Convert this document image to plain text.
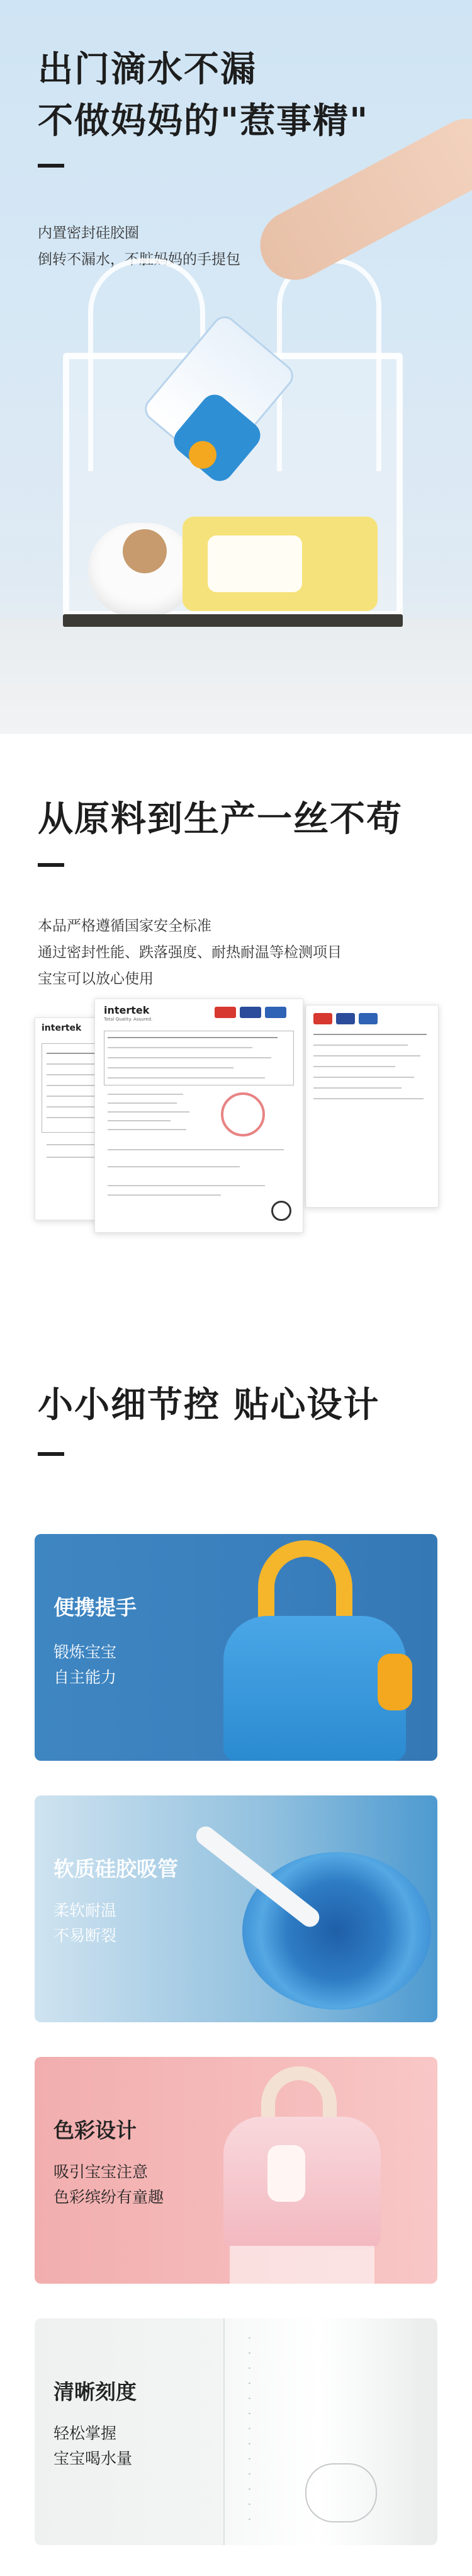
出门滴水不漏
不做妈妈的"惹事精"

内置密封硅胶圈

倒转不漏水，不脏妈妈的手提包

从原料到生产一丝不苟

本品严格遵循国家安全标准

通过密封性能、跌落强度、耐热耐温等检测项目

宝宝可以放心使用

intertek
intertek
Total Quality. Assured.
小小细节控 贴心设计
便携提手

锻炼宝宝

自主能力

软质硅胶吸管

柔软耐温

不易断裂

色彩设计

吸引宝宝注意

色彩缤纷有童趣

清晰刻度

轻松掌握

宝宝喝水量
